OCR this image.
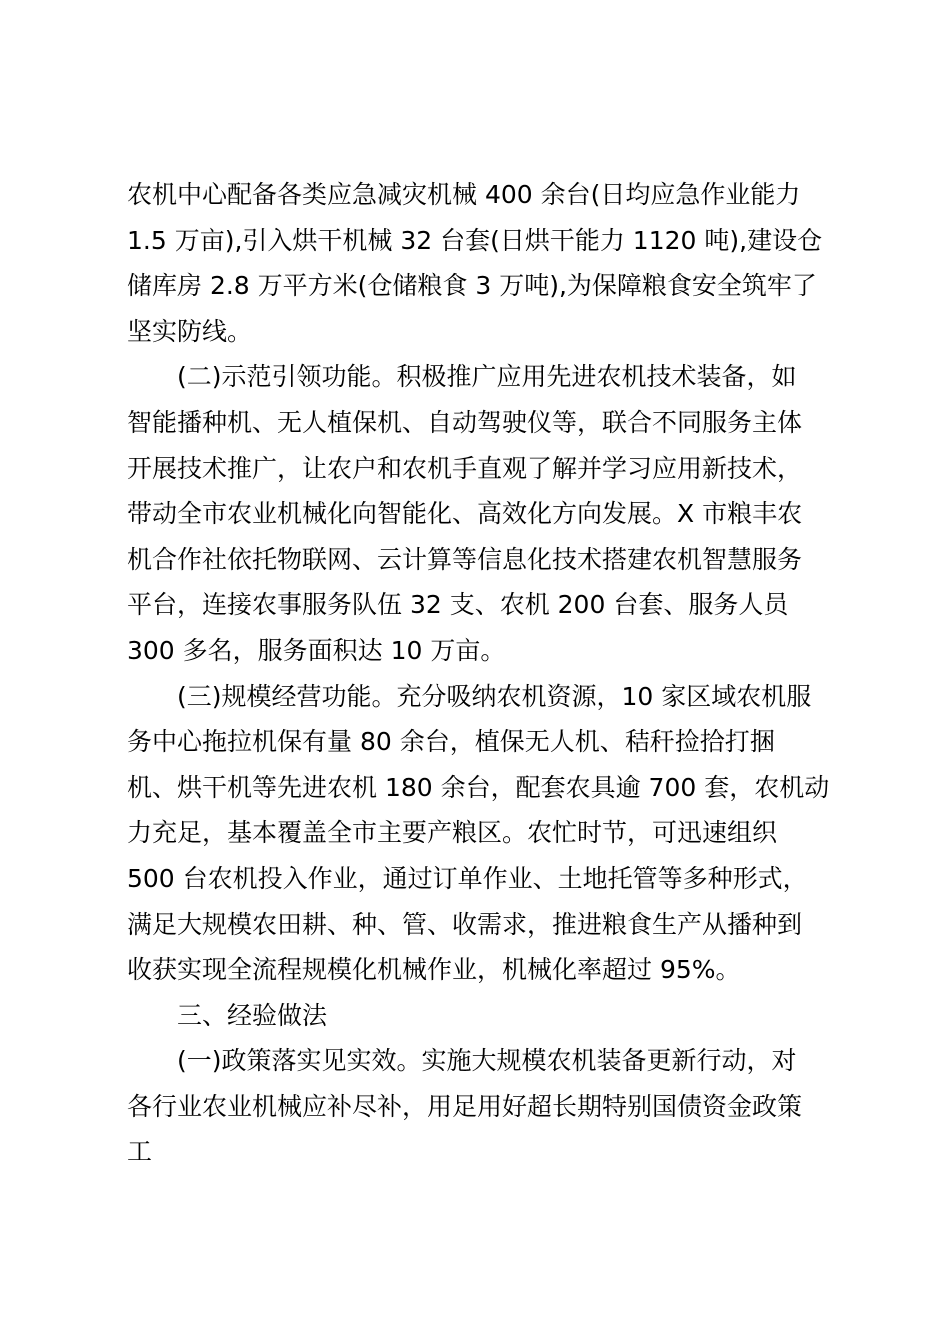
农机中心配备各类应急减灾机械 400 余台(日均应急作业能力
1.5 万亩),引入烘干机械 32 台套(日烘干能力 1120 吨),建设仓
储库房 2.8 万平方米(仓储粮食 3 万吨),为保障粮食安全筑牢了
坚实防线。
(二)示范引领功能。积极推广应用先进农机技术装备，如
智能播种机、无人植保机、自动驾驶仪等，联合不同服务主体
开展技术推广，让农户和农机手直观了解并学习应用新技术，
带动全市农业机械化向智能化、高效化方向发展。X 市粮丰农
机合作社依托物联网、云计算等信息化技术搭建农机智慧服务
平台，连接农事服务队伍 32 支、农机 200 台套、服务人员
300 多名，服务面积达 10 万亩。
(三)规模经营功能。充分吸纳农机资源，10 家区域农机服
务中心拖拉机保有量 80 余台，植保无人机、秸秆捡拾打捆
机、烘干机等先进农机 180 余台，配套农具逾 700 套，农机动
力充足，基本覆盖全市主要产粮区。农忙时节，可迅速组织
500 台农机投入作业，通过订单作业、土地托管等多种形式，
满足大规模农田耕、种、管、收需求，推进粮食生产从播种到
收获实现全流程规模化机械作业，机械化率超过 95%。
三、经验做法
(一)政策落实见实效。实施大规模农机装备更新行动，对
各行业农业机械应补尽补，用足用好超长期特别国债资金政策
工
